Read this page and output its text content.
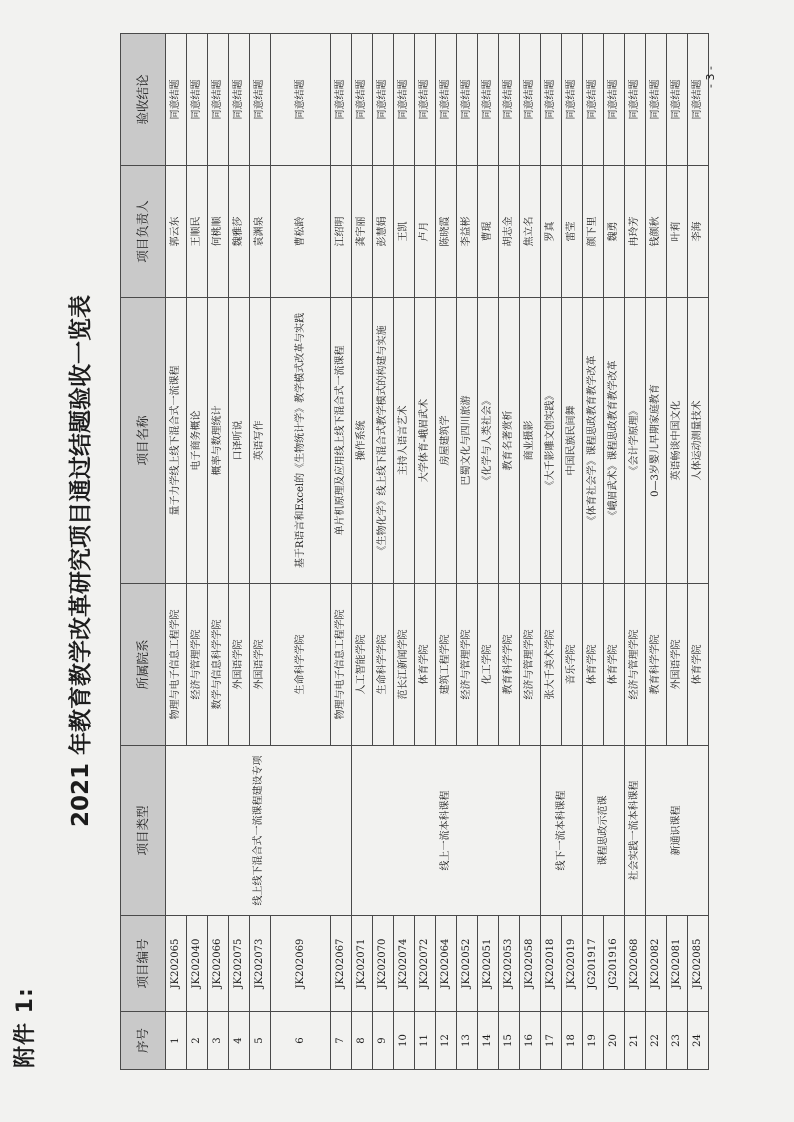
附件 1:
2021 年教育教学改革研究项目通过结题验收一览表
序号	项目编号	项目类型	所属院系	项目名称	项目负责人	验收结论
1	JK202065	线上线下混合式一流课程建设专项	物理与电子信息工程学院	量子力学线上线下混合式一流课程	郭云东	同意结题
2	JK202040		经济与管理学院	电子商务概论	王顺民	同意结题
3	JK202066		数学与信息科学学院	概率与数理统计	何桃顺	同意结题
4	JK202075		外国语学院	口译听说	魏雅莎	同意结题
5	JK202073		外国语学院	英语写作	袁渊泉	同意结题
6	JK202069		生命科学学院	基于R语言和Excel的《生物统计学》教学模式改革与实践	曹松龄	同意结题
7	JK202067		物理与电子信息工程学院	单片机原理及应用线上线下混合式一流课程	江绍明	同意结题
8	JK202071	线上一流本科课程	人工智能学院	操作系统	龚宇丽	同意结题
9	JK202070		生命科学学院	《生物化学》线上线下混合式教学模式的构建与实施	彭慧娟	同意结题
10	JK202074		范长江新闻学院	主持人语言艺术	王凯	同意结题
11	JK202072		体育学院	大学体育-峨眉武术	卢月	同意结题
12	JK202064		建筑工程学院	房屋建筑学	陈晓霞	同意结题
13	JK202052		经济与管理学院	巴蜀文化与四川旅游	李益彬	同意结题
14	JK202051		化工学院	《化学与人类社会》	曹琨	同意结题
15	JK202053		教育科学学院	教育名著赏析	胡志金	同意结题
16	JK202058		经济与管理学院	商业摄影	焦立名	同意结题
17	JK202018	线下一流本科课程	张大千美术学院	《大千影雕文创实践》	罗真	同意结题
18	JK202019		音乐学院	中国民族民间舞	雷莹	同意结题
19	JG201917	课程思政示范课	体育学院	《体育社会学》课程思政教育教学改革	颜下里	同意结题
20	JG201916		体育学院	《峨眉武术》课程思政教育教学改革	魏勇	同意结题
21	JK202068	社会实践一流本科课程	经济与管理学院	《会计学原理》	冉玲芳	同意结题
22	JK202082	新通识课程	教育科学学院	0—3岁婴儿早期家庭教育	钱颜秋	同意结题
23	JK202081		外国语学院	英语畅谈中国文化	叶莉	同意结题
24	JK202085		体育学院	人体运动测量技术	李海	同意结题
- 3 -
